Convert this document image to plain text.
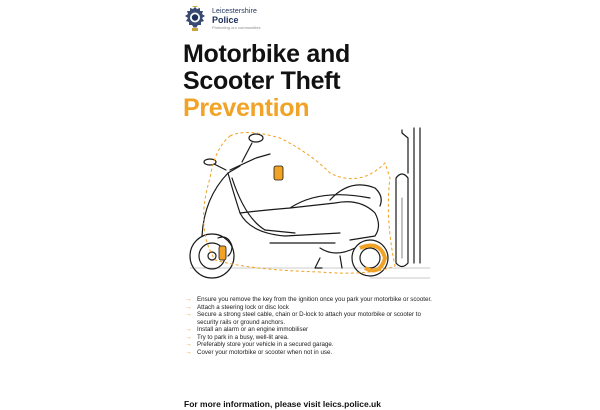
Leicestershire
Police
Protecting our communities
Motorbike and
Scooter Theft
Prevention
→ Ensure you remove the key from the ignition once you park your motorbike or scooter.
→ Attach a steering lock or disc lock
→ Secure a strong steel cable, chain or D-lock to attach your motorbike or scooter to security rails or ground anchors.
→ Install an alarm or an engine immobiliser
→ Try to park in a busy, well-lit area.
→ Preferably store your vehicle in a secured garage.
→ Cover your motorbike or scooter when not in use.
For more information, please visit leics.police.uk
